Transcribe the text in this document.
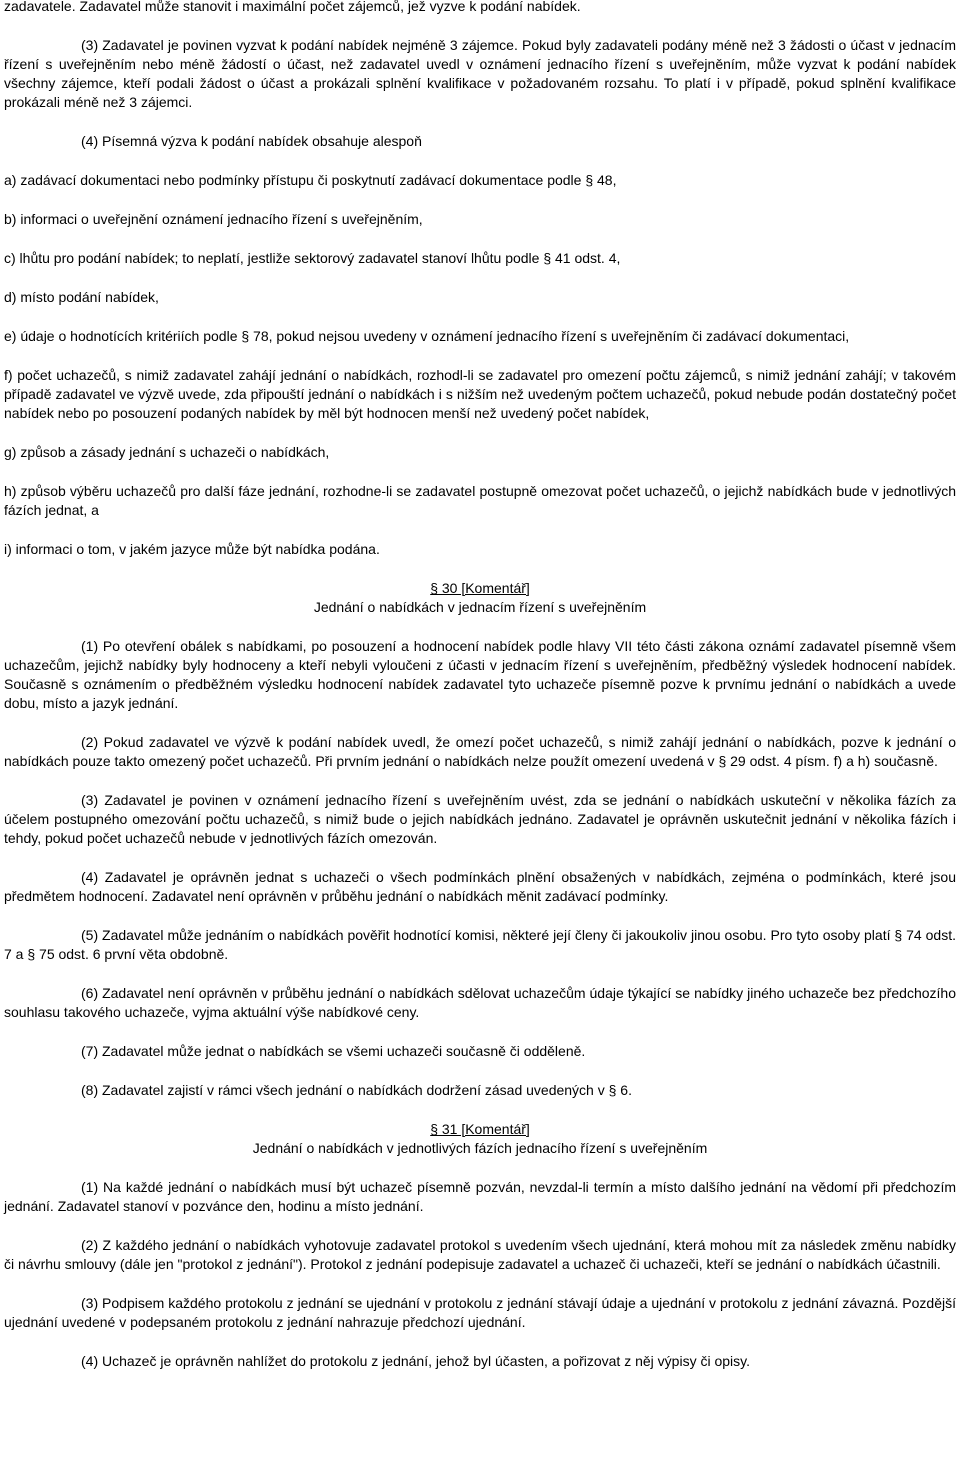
zadavatele. Zadavatel může stanovit i maximální počet zájemců, jež vyzve k podání nabídek.

(3) Zadavatel je povinen vyzvat k podání nabídek nejméně 3 zájemce. Pokud byly zadavateli podány méně než 3 žádosti o účast v jednacím řízení s uveřejněním nebo méně žádostí o účast, než zadavatel uvedl v oznámení jednacího řízení s uveřejněním, může vyzvat k podání nabídek všechny zájemce, kteří podali žádost o účast a prokázali splnění kvalifikace v požadovaném rozsahu. To platí i v případě, pokud splnění kvalifikace prokázali méně než 3 zájemci.

(4) Písemná výzva k podání nabídek obsahuje alespoň

a) zadávací dokumentaci nebo podmínky přístupu či poskytnutí zadávací dokumentace podle § 48,

b) informaci o uveřejnění oznámení jednacího řízení s uveřejněním,

c) lhůtu pro podání nabídek; to neplatí, jestliže sektorový zadavatel stanoví lhůtu podle § 41 odst. 4,

d) místo podání nabídek,

e) údaje o hodnotících kritériích podle § 78, pokud nejsou uvedeny v oznámení jednacího řízení s uveřejněním či zadávací dokumentaci,

f) počet uchazečů, s nimiž zadavatel zahájí jednání o nabídkách, rozhodl-li se zadavatel pro omezení počtu zájemců, s nimiž jednání zahájí; v takovém případě zadavatel ve výzvě uvede, zda připouští jednání o nabídkách i s nižším než uvedeným počtem uchazečů, pokud nebude podán dostatečný počet nabídek nebo po posouzení podaných nabídek by měl být hodnocen menší než uvedený počet nabídek,

g) způsob a zásady jednání s uchazeči o nabídkách,

h) způsob výběru uchazečů pro další fáze jednání, rozhodne-li se zadavatel postupně omezovat počet uchazečů, o jejichž nabídkách bude v jednotlivých fázích jednat, a

i) informaci o tom, v jakém jazyce může být nabídka podána.

§ 30 [Komentář]
Jednání o nabídkách v jednacím řízení s uveřejněním

(1) Po otevření obálek s nabídkami, po posouzení a hodnocení nabídek podle hlavy VII této části zákona oznámí zadavatel písemně všem uchazečům, jejichž nabídky byly hodnoceny a kteří nebyli vyloučeni z účasti v jednacím řízení s uveřejněním, předběžný výsledek hodnocení nabídek. Současně s oznámením o předběžném výsledku hodnocení nabídek zadavatel tyto uchazeče písemně pozve k prvnímu jednání o nabídkách a uvede dobu, místo a jazyk jednání.

(2) Pokud zadavatel ve výzvě k podání nabídek uvedl, že omezí počet uchazečů, s nimiž zahájí jednání o nabídkách, pozve k jednání o nabídkách pouze takto omezený počet uchazečů. Při prvním jednání o nabídkách nelze použít omezení uvedená v § 29 odst. 4 písm. f) a h) současně.

(3) Zadavatel je povinen v oznámení jednacího řízení s uveřejněním uvést, zda se jednání o nabídkách uskuteční v několika fázích za účelem postupného omezování počtu uchazečů, s nimiž bude o jejich nabídkách jednáno. Zadavatel je oprávněn uskutečnit jednání v několika fázích i tehdy, pokud počet uchazečů nebude v jednotlivých fázích omezován.

(4) Zadavatel je oprávněn jednat s uchazeči o všech podmínkách plnění obsažených v nabídkách, zejména o podmínkách, které jsou předmětem hodnocení. Zadavatel není oprávněn v průběhu jednání o nabídkách měnit zadávací podmínky.

(5) Zadavatel může jednáním o nabídkách pověřit hodnotící komisi, některé její členy či jakoukoliv jinou osobu. Pro tyto osoby platí § 74 odst. 7 a § 75 odst. 6 první věta obdobně.

(6) Zadavatel není oprávněn v průběhu jednání o nabídkách sdělovat uchazečům údaje týkající se nabídky jiného uchazeče bez předchozího souhlasu takového uchazeče, vyjma aktuální výše nabídkové ceny.

(7) Zadavatel může jednat o nabídkách se všemi uchazeči současně či odděleně.

(8) Zadavatel zajistí v rámci všech jednání o nabídkách dodržení zásad uvedených v § 6.

§ 31 [Komentář]
Jednání o nabídkách v jednotlivých fázích jednacího řízení s uveřejněním

(1) Na každé jednání o nabídkách musí být uchazeč písemně pozván, nevzdal-li termín a místo dalšího jednání na vědomí při předchozím jednání. Zadavatel stanoví v pozvánce den, hodinu a místo jednání.

(2) Z každého jednání o nabídkách vyhotovuje zadavatel protokol s uvedením všech ujednání, která mohou mít za následek změnu nabídky či návrhu smlouvy (dále jen "protokol z jednání"). Protokol z jednání podepisuje zadavatel a uchazeč či uchazeči, kteří se jednání o nabídkách účastnili.

(3) Podpisem každého protokolu z jednání se ujednání v protokolu z jednání stávají údaje a ujednání v protokolu z jednání závazná. Pozdější ujednání uvedené v podepsaném protokolu z jednání nahrazuje předchozí ujednání.

(4) Uchazeč je oprávněn nahlížet do protokolu z jednání, jehož byl účasten, a pořizovat z něj výpisy či opisy.
